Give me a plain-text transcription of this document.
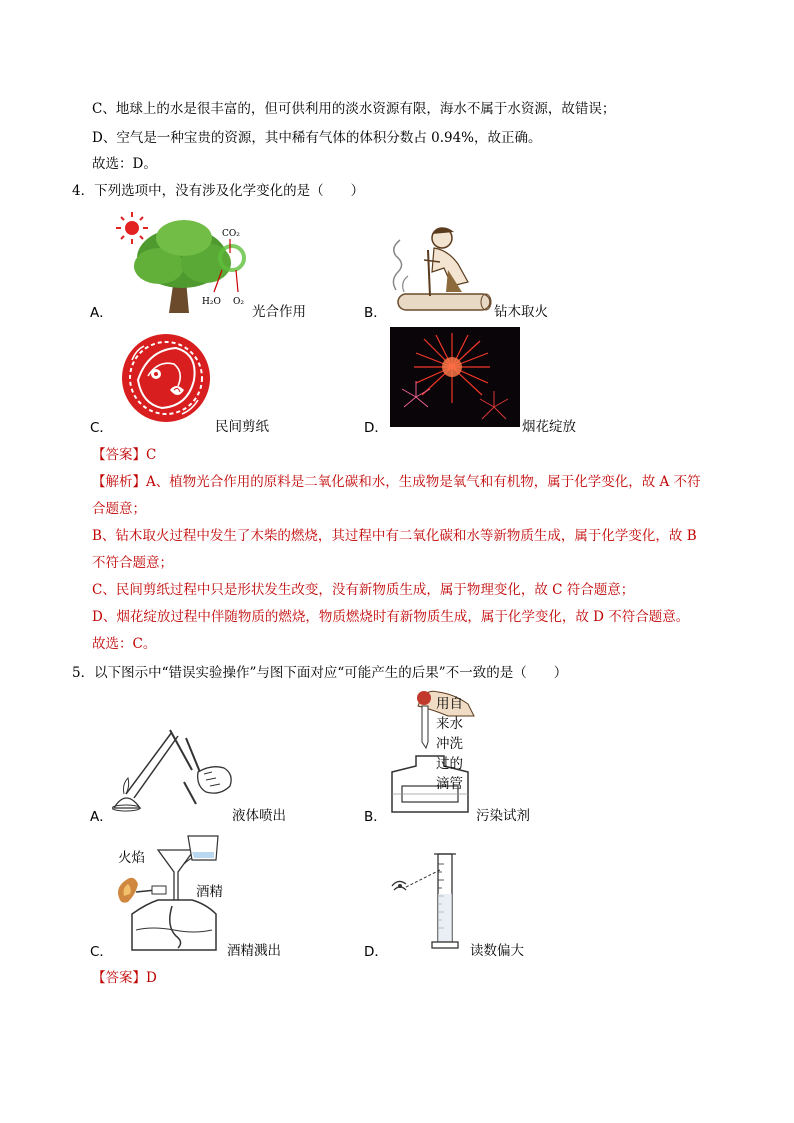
C、地球上的水是很丰富的，但可供利用的淡水资源有限，海水不属于水资源，故错误；
D、空气是一种宝贵的资源，其中稀有气体的体积分数占 0.94%，故正确。
故选：D。
4．下列选项中，没有涉及化学变化的是（　　）
CO₂
H₂O O₂
A．	光合作用	B．	钻木取火
C．	民间剪纸	D．	烟花绽放
【答案】C
【解析】A、植物光合作用的原料是二氧化碳和水，生成物是氧气和有机物，属于化学变化，故 A 不符
合题意；
B、钻木取火过程中发生了木柴的燃烧，其过程中有二氧化碳和水等新物质生成，属于化学变化，故 B
不符合题意；
C、民间剪纸过程中只是形状发生改变，没有新物质生成，属于物理变化，故 C 符合题意；
D、烟花绽放过程中伴随物质的燃烧，物质燃烧时有新物质生成，属于化学变化，故 D 不符合题意。
故选：C。
5．以下图示中“错误实验操作”与图下面对应“可能产生的后果”不一致的是（　　）
A．	液体喷出
用自
来水
冲洗
过的
滴管
B．	污染试剂
火焰
酒精
C．	酒精溅出	D．	读数偏大
【答案】D
